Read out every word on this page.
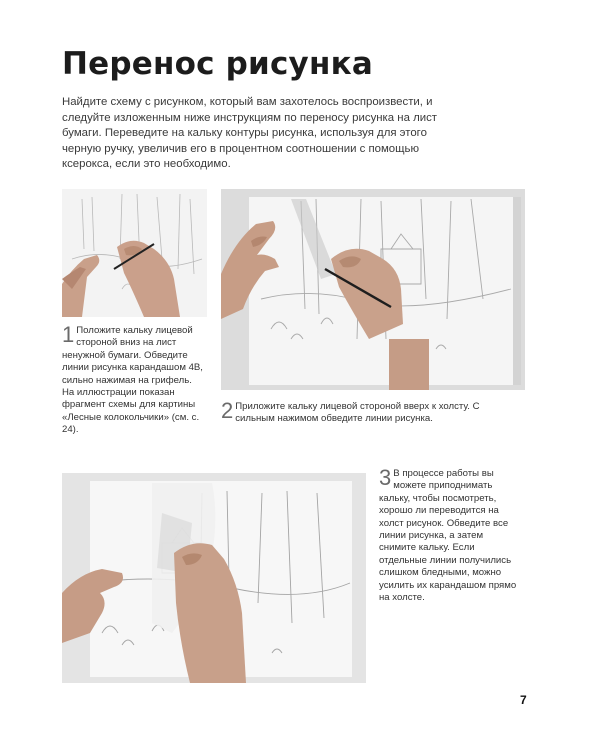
Перенос рисунка

Найдите схему с рисунком, который вам захотелось воспроизвести, и следуйте изложенным ниже инструкциям по переносу рисунка на лист бумаги. Переведите на кальку контуры рисунка, используя для этого черную ручку, увеличив его в процентном соотношении с помощью ксерокса, если это необходимо.

1 Положите кальку лицевой стороной вниз на лист ненужной бумаги. Обведите линии рисунка карандашом 4В, сильно нажимая на грифель. На иллюстрации показан фрагмент схемы для картины «Лесные колокольчики» (см. с. 24).
2 Приложите кальку лицевой стороной вверх к холсту. С сильным нажимом обведите линии рисунка.
3 В процессе работы вы можете приподнимать кальку, чтобы посмотреть, хорошо ли переводится на холст рисунок. Обведите все линии рисунка, а затем снимите кальку. Если отдельные линии получились слишком бледными, можно усилить их карандашом прямо на холсте.
7
